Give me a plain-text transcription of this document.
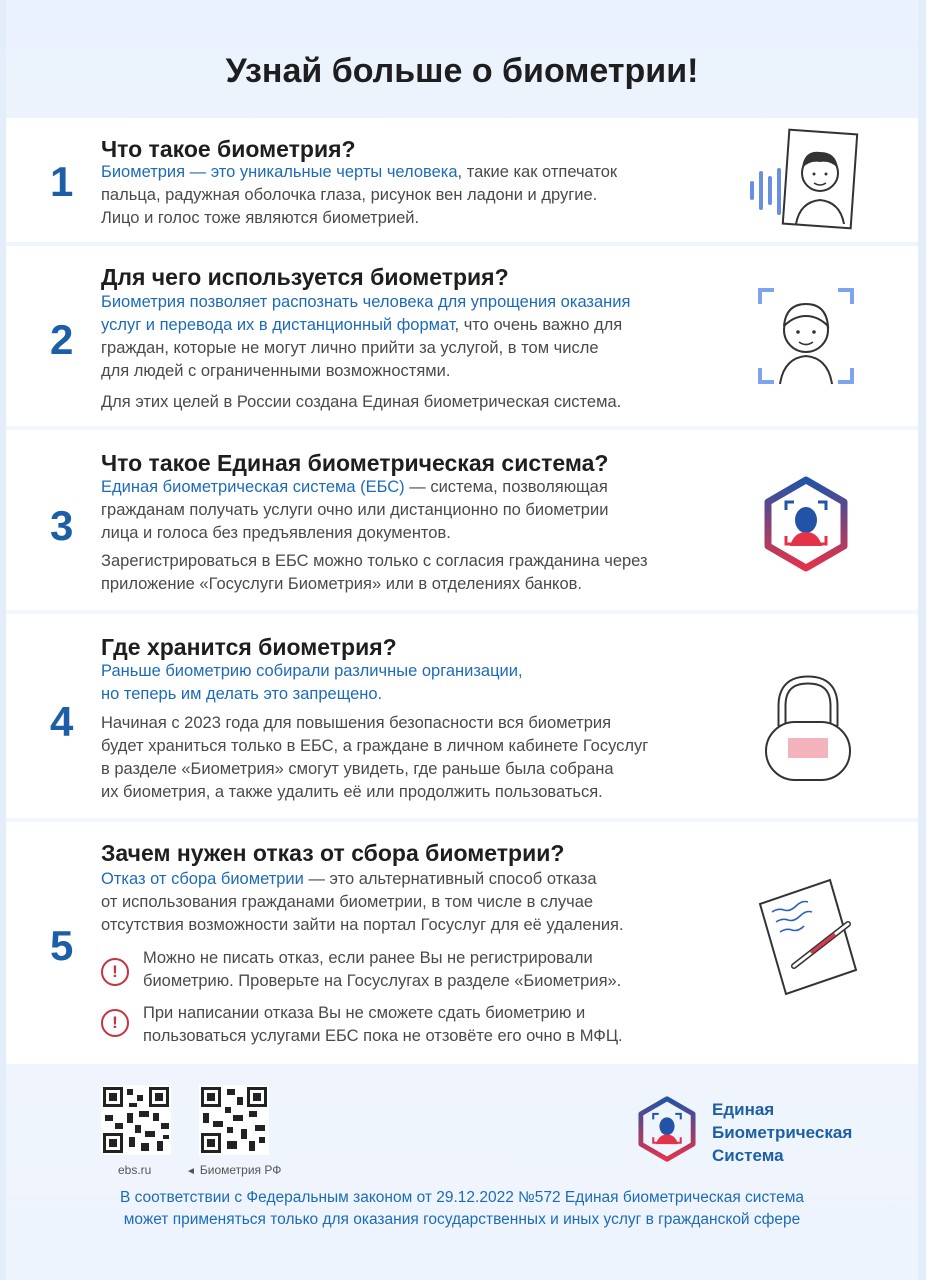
Узнай больше о биометрии!
1
Что такое биометрия?
Биометрия — это уникальные черты человека, такие как отпечаток
пальца, радужная оболочка глаза, рисунок вен ладони и другие.
Лицо и голос тоже являются биометрией.
2
Для чего используется биометрия?
Биометрия позволяет распознать человека для упрощения оказания
услуг и перевода их в дистанционный формат, что очень важно для
граждан, которые не могут лично прийти за услугой, в том числе
для людей с ограниченными возможностями.
Для этих целей в России создана Единая биометрическая система.
3
Что такое Единая биометрическая система?
Единая биометрическая система (ЕБС) — система, позволяющая
гражданам получать услуги очно или дистанционно по биометрии
лица и голоса без предъявления документов.
Зарегистрироваться в ЕБС можно только с согласия гражданина через
приложение «Госуслуги Биометрия» или в отделениях банков.
4
Где хранится биометрия?
Раньше биометрию собирали различные организации,
но теперь им делать это запрещено.
Начиная с 2023 года для повышения безопасности вся биометрия
будет храниться только в ЕБС, а граждане в личном кабинете Госуслуг
в разделе «Биометрия» смогут увидеть, где раньше была собрана
их биометрия, а также удалить её или продолжить пользоваться.
5
Зачем нужен отказ от сбора биометрии?
Отказ от сбора биометрии — это альтернативный способ отказа
от использования гражданами биометрии, в том числе в случае
отсутствия возможности зайти на портал Госуслуг для её удаления.
!
Можно не писать отказ, если ранее Вы не регистрировали
биометрию. Проверьте на Госуслугах в разделе «Биометрия».
!	При написании отказа Вы не сможете сдать биометрию и
пользоваться услугами ЕБС пока не отзовёте его очно в МФЦ.
ebs.ru	◄ Биометрия РФ
Единая
Биометрическая
Система
В соответствии с Федеральным законом от 29.12.2022 №572 Единая биометрическая система
может применяться только для оказания государственных и иных услуг в гражданской сфере
